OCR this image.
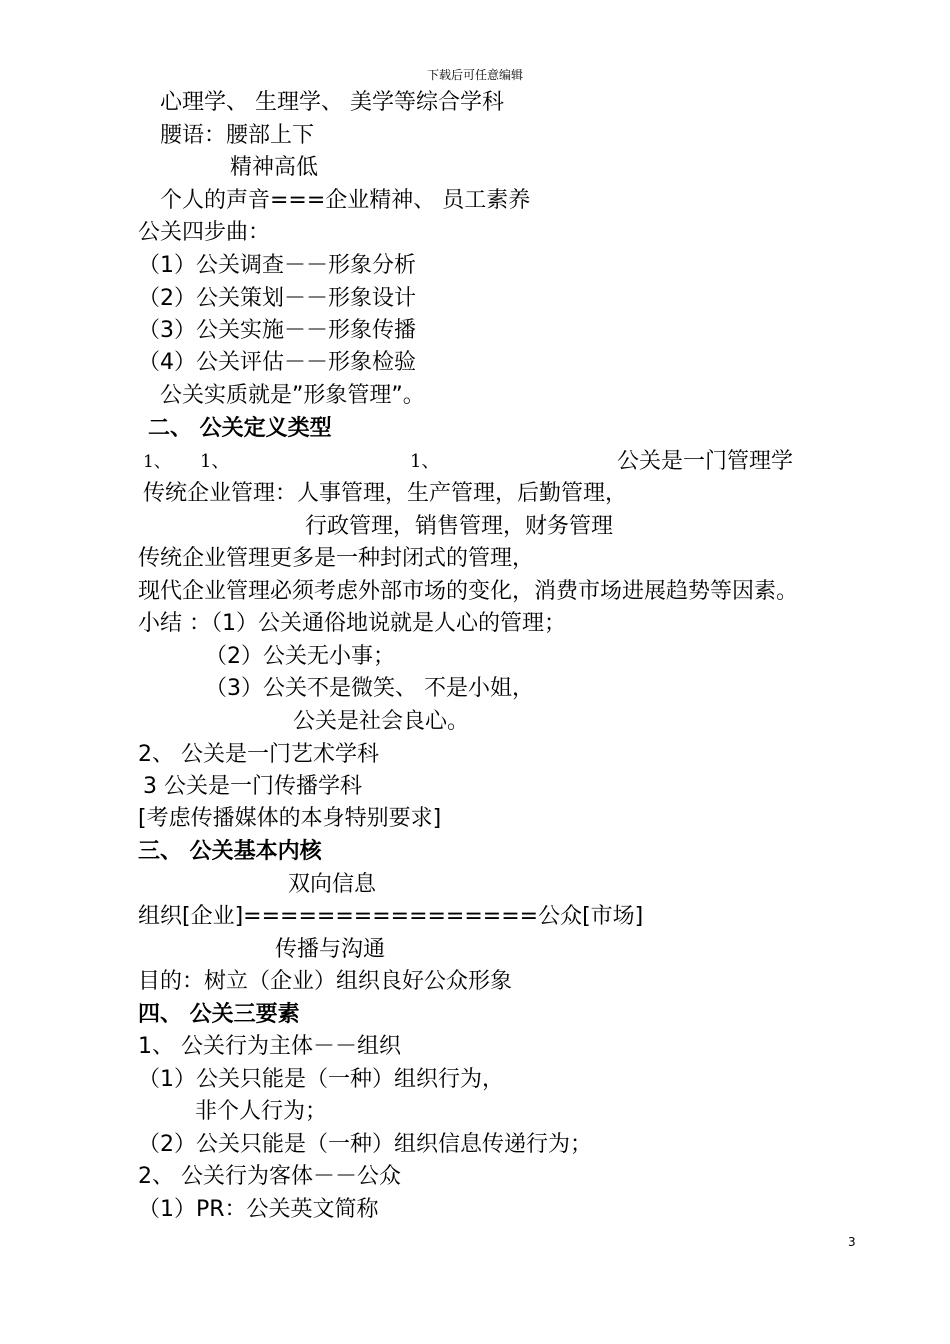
下载后可任意编辑
心理学、 生理学、 美学等综合学科
腰语：腰部上下
精神高低
个人的声音===企业精神、 员工素养
公关四步曲：
（1）公关调查－－形象分析
（2）公关策划－－形象设计
（3）公关实施－－形象传播
（4）公关评估－－形象检验
公关实质就是”形象管理”。
二、 公关定义类型
1、 1、	1、	公关是一门管理学
传统企业管理：人事管理，生产管理，后勤管理，
行政管理，销售管理，财务管理
传统企业管理更多是一种封闭式的管理，
现代企业管理必须考虑外部市场的变化，消费市场进展趋势等因素。
小结 ：（1）公关通俗地说就是人心的管理；
（2）公关无小事；
（3）公关不是微笑、 不是小姐，
公关是社会良心。
2、 公关是一门艺术学科
3 公关是一门传播学科
[考虑传播媒体的本身特别要求]
三、 公关基本内核
双向信息
组织[企业]================公众[市场]
传播与沟通
目的：树立（企业）组织良好公众形象
四、 公关三要素
1、 公关行为主体－－组织
（1）公关只能是（一种）组织行为，
非个人行为；
（2）公关只能是（一种）组织信息传递行为；
2、 公关行为客体－－公众
（1）PR：公关英文简称
3
